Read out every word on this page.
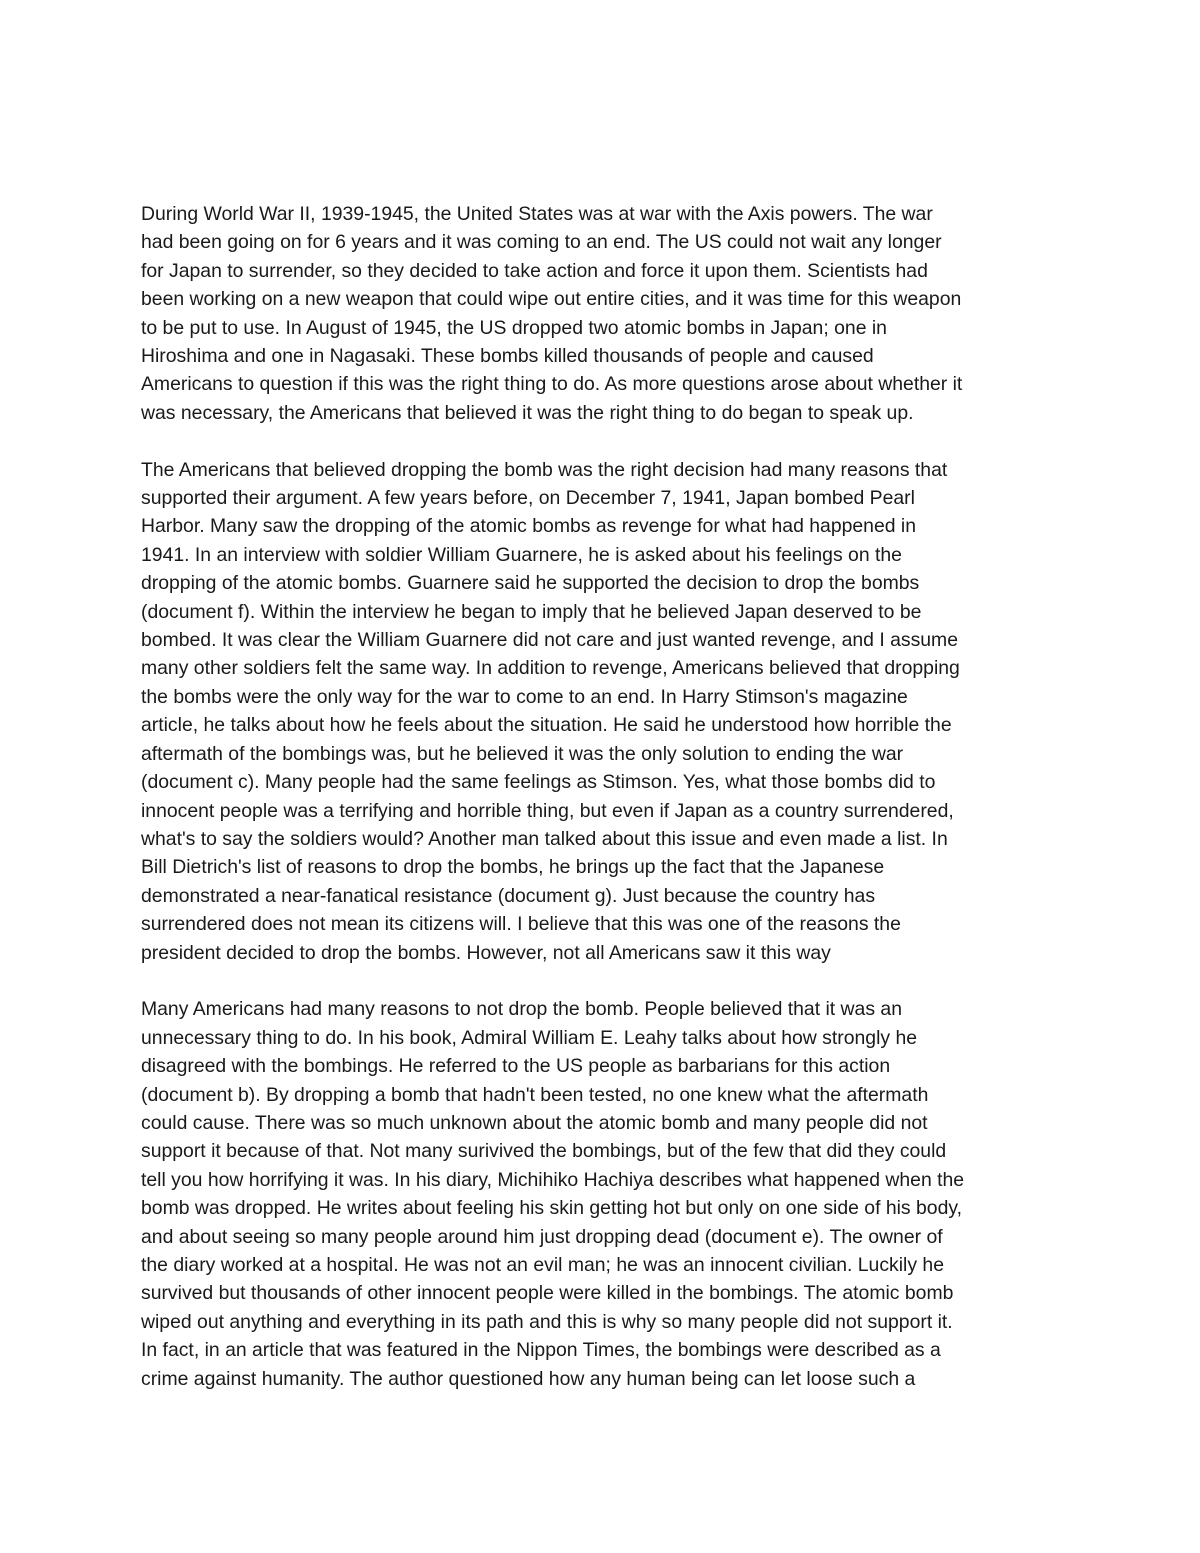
During World War II, 1939-1945, the United States was at war with the Axis powers. The war
had been going on for 6 years and it was coming to an end. The US could not wait any longer
for Japan to surrender, so they decided to take action and force it upon them. Scientists had
been working on a new weapon that could wipe out entire cities, and it was time for this weapon
to be put to use. In August of 1945, the US dropped two atomic bombs in Japan; one in
Hiroshima and one in Nagasaki. These bombs killed thousands of people and caused
Americans to question if this was the right thing to do. As more questions arose about whether it
was necessary, the Americans that believed it was the right thing to do began to speak up.

The Americans that believed dropping the bomb was the right decision had many reasons that
supported their argument. A few years before, on December 7, 1941, Japan bombed Pearl
Harbor. Many saw the dropping of the atomic bombs as revenge for what had happened in
1941. In an interview with soldier William Guarnere, he is asked about his feelings on the
dropping of the atomic bombs. Guarnere said he supported the decision to drop the bombs
(document f). Within the interview he began to imply that he believed Japan deserved to be
bombed. It was clear the William Guarnere did not care and just wanted revenge, and I assume
many other soldiers felt the same way. In addition to revenge, Americans believed that dropping
the bombs were the only way for the war to come to an end. In Harry Stimson's magazine
article, he talks about how he feels about the situation. He said he understood how horrible the
aftermath of the bombings was, but he believed it was the only solution to ending the war
(document c). Many people had the same feelings as Stimson. Yes, what those bombs did to
innocent people was a terrifying and horrible thing, but even if Japan as a country surrendered,
what's to say the soldiers would? Another man talked about this issue and even made a list. In
Bill Dietrich's list of reasons to drop the bombs, he brings up the fact that the Japanese
demonstrated a near-fanatical resistance (document g). Just because the country has
surrendered does not mean its citizens will. I believe that this was one of the reasons the
president decided to drop the bombs. However, not all Americans saw it this way

Many Americans had many reasons to not drop the bomb. People believed that it was an
unnecessary thing to do. In his book, Admiral William E. Leahy talks about how strongly he
disagreed with the bombings. He referred to the US people as barbarians for this action
(document b). By dropping a bomb that hadn't been tested, no one knew what the aftermath
could cause. There was so much unknown about the atomic bomb and many people did not
support it because of that. Not many surivived the bombings, but of the few that did they could
tell you how horrifying it was. In his diary, Michihiko Hachiya describes what happened when the
bomb was dropped. He writes about feeling his skin getting hot but only on one side of his body,
and about seeing so many people around him just dropping dead (document e). The owner of
the diary worked at a hospital. He was not an evil man; he was an innocent civilian. Luckily he
survived but thousands of other innocent people were killed in the bombings. The atomic bomb
wiped out anything and everything in its path and this is why so many people did not support it.
In fact, in an article that was featured in the Nippon Times, the bombings were described as a
crime against humanity. The author questioned how any human being can let loose such a
